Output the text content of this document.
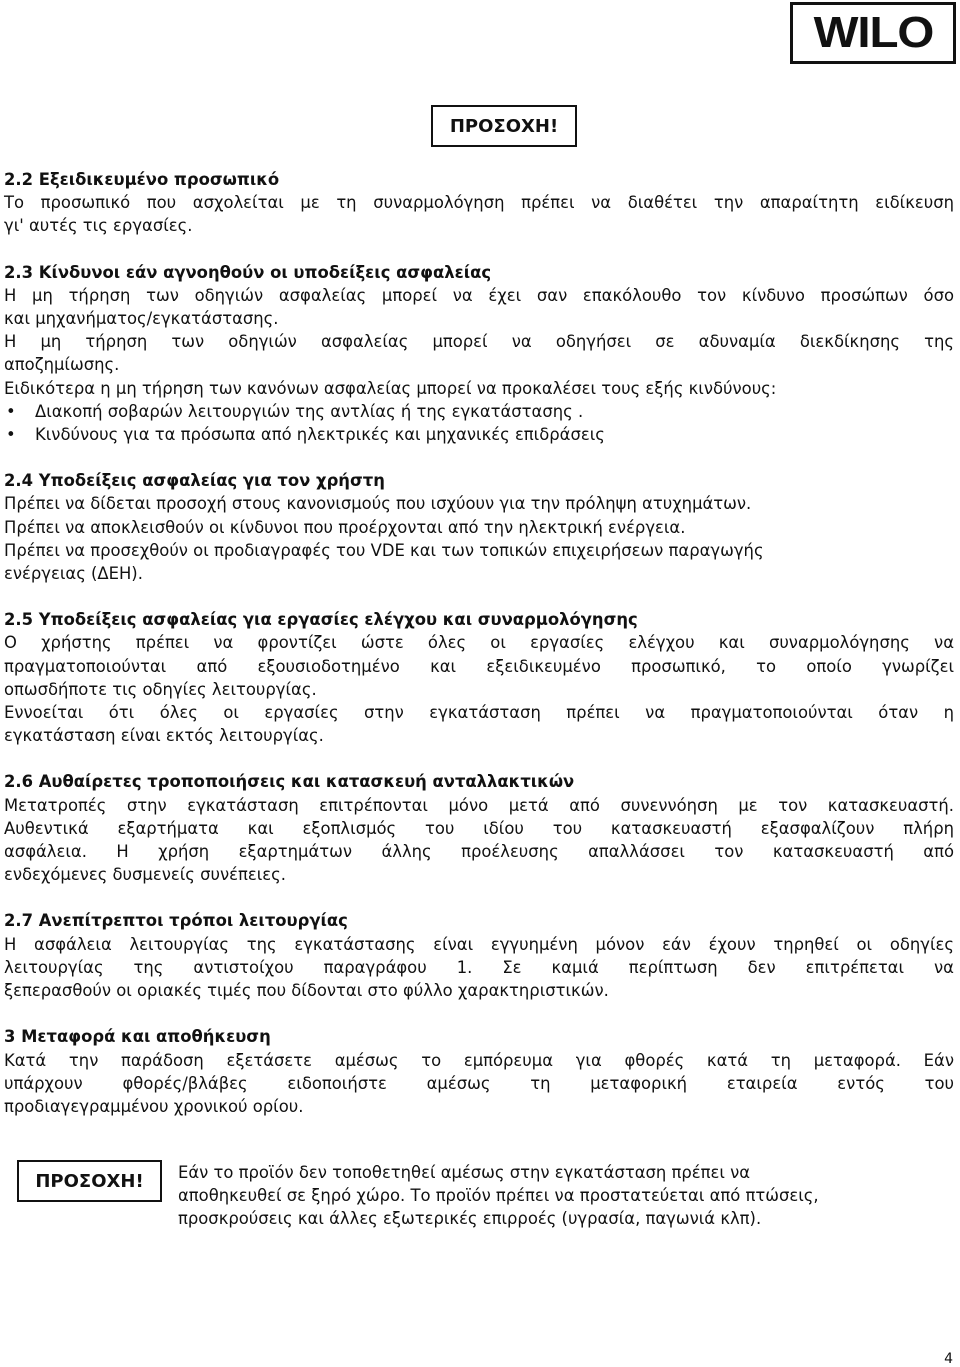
WILO
ΠΡΟΣΟΧΗ!

2.2 Εξειδικευμένο προσωπικό

Το προσωπικό που ασχολείται με τη συναρμολόγηση πρέπει να διαθέτει την απαραίτητη ειδίκευση

γι' αυτές τις εργασίες.

2.3 Κίνδυνοι εάν αγνοηθούν οι υποδείξεις ασφαλείας

Η μη τήρηση των οδηγιών ασφαλείας μπορεί να έχει σαν επακόλουθο τον κίνδυνο προσώπων όσο

και μηχανήματος/εγκατάστασης.

Η μη τήρηση των οδηγιών ασφαλείας μπορεί να οδηγήσει σε αδυναμία διεκδίκησης της

αποζημίωσης.

Ειδικότερα η μη τήρηση των κανόνων ασφαλείας μπορεί να προκαλέσει τους εξής κινδύνους:

• Διακοπή σοβαρών λειτουργιών της αντλίας ή της εγκατάστασης .
• Κινδύνους για τα πρόσωπα από ηλεκτρικές και μηχανικές επιδράσεις

2.4 Υποδείξεις ασφαλείας για τον χρήστη

Πρέπει να δίδεται προσοχή στους κανονισμούς που ισχύουν για την πρόληψη ατυχημάτων.

Πρέπει να αποκλεισθούν οι κίνδυνοι που προέρχονται από την ηλεκτρική ενέργεια.

Πρέπει να προσεχθούν οι προδιαγραφές του VDE και των τοπικών επιχειρήσεων παραγωγής

ενέργειας (ΔΕΗ).

2.5 Υποδείξεις ασφαλείας για εργασίες ελέγχου και συναρμολόγησης

Ο χρήστης πρέπει να φροντίζει ώστε όλες οι εργασίες ελέγχου και συναρμολόγησης να

πραγματοποιούνται από εξουσιοδοτημένο και εξειδικευμένο προσωπικό, το οποίο γνωρίζει

οπωσδήποτε τις οδηγίες λειτουργίας.

Εννοείται ότι όλες οι εργασίες στην εγκατάσταση πρέπει να πραγματοποιούνται όταν η

εγκατάσταση είναι εκτός λειτουργίας.

2.6 Αυθαίρετες τροποποιήσεις και κατασκευή ανταλλακτικών

Μετατροπές στην εγκατάσταση επιτρέπονται μόνο μετά από συνεννόηση με τον κατασκευαστή.

Αυθεντικά εξαρτήματα και εξοπλισμός του ιδίου του κατασκευαστή εξασφαλίζουν πλήρη

ασφάλεια. Η χρήση εξαρτημάτων άλλης προέλευσης απαλλάσσει τον κατασκευαστή από

ενδεχόμενες δυσμενείς συνέπειες.

2.7 Ανεπίτρεπτοι τρόποι λειτουργίας

Η ασφάλεια λειτουργίας της εγκατάστασης είναι εγγυημένη μόνον εάν έχουν τηρηθεί οι οδηγίες

λειτουργίας της αντιστοίχου παραγράφου 1. Σε καμιά περίπτωση δεν επιτρέπεται να

ξεπερασθούν οι οριακές τιμές που δίδονται στο φύλλο χαρακτηριστικών.

3 Μεταφορά και αποθήκευση

Κατά την παράδοση εξετάσετε αμέσως το εμπόρευμα για φθορές κατά τη μεταφορά. Εάν

υπάρχουν φθορές/βλάβες ειδοποιήστε αμέσως τη μεταφορική εταιρεία εντός του

προδιαγεγραμμένου χρονικού ορίου.

ΠΡΟΣΟΧΗ! Εάν το προϊόν δεν τοποθετηθεί αμέσως στην εγκατάσταση πρέπει να

αποθηκευθεί σε ξηρό χώρο. Το προϊόν πρέπει να προστατεύεται από πτώσεις,

προσκρούσεις και άλλες εξωτερικές επιρροές (υγρασία, παγωνιά κλπ).

4
